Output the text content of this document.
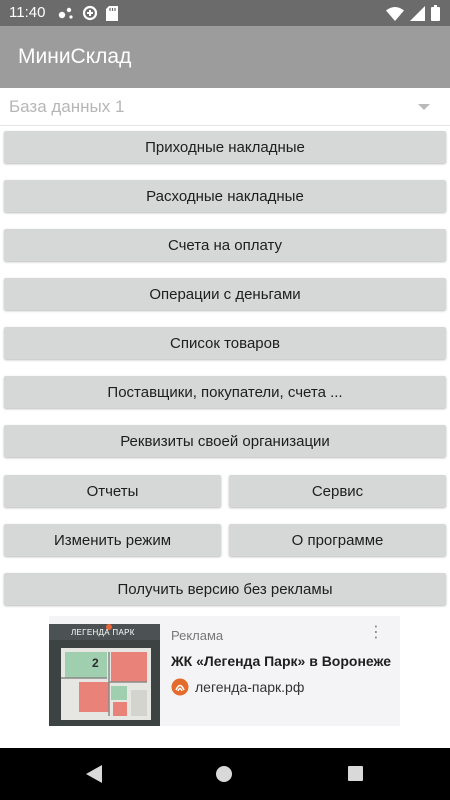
11:40
МиниСклад
База данных 1
Приходные накладные
Расходные накладные
Счета на оплату
Операции с деньгами
Список товаров
Поставщики, покупатели, счета ...
Реквизиты своей организации
Отчеты	Сервис
Изменить режим	О программе
Получить версию без рекламы
ЛЕГЕНДА ПАРК
2
Реклама	⋮
ЖК «Легенда Парк» в Воронеже
легенда-парк.рф
